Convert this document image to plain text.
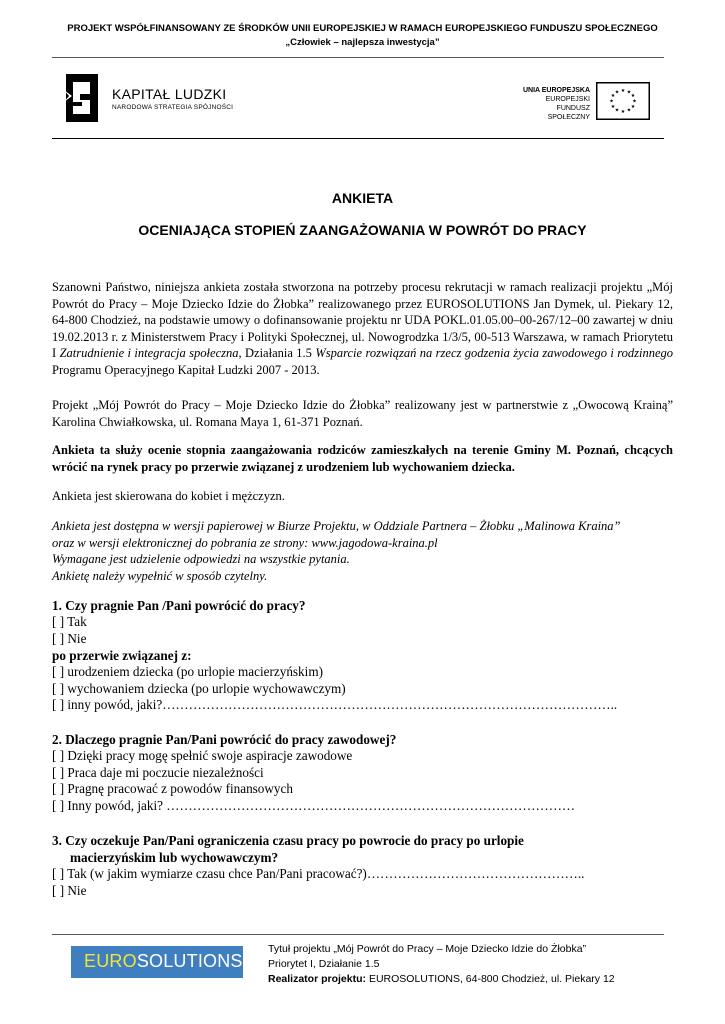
PROJEKT WSPÓŁFINANSOWANY ZE ŚRODKÓW UNII EUROPEJSKIEJ W RAMACH EUROPEJSKIEGO FUNDUSZU SPOŁECZNEGO
„Człowiek – najlepsza inwestycja”
KAPITAŁ LUDZKI
NARODOWA STRATEGIA SPÓJNOŚCI
UNIA EUROPEJSKA
EUROPEJSKI
FUNDUSZ SPOŁECZNY
★ ★
★
★
★
★
★
★
★
★
★
★
ANKIETA
OCENIAJĄCA STOPIEŃ ZAANGAŻOWANIA W POWRÓT DO PRACY
Szanowni Państwo, niniejsza ankieta została stworzona na potrzeby procesu rekrutacji w ramach realizacji projektu „Mój Powrót do Pracy – Moje Dziecko Idzie do Żłobka” realizowanego przez EUROSOLUTIONS Jan Dymek, ul. Piekary 12, 64-800 Chodzież, na podstawie umowy o dofinansowanie projektu nr UDA POKL.01.05.00–00-267/12–00 zawartej w dniu 19.02.2013 r. z Ministerstwem Pracy i Polityki Społecznej, ul. Nowogrodzka 1/3/5, 00-513 Warszawa, w ramach Priorytetu I Zatrudnienie i integracja społeczna, Działania 1.5 Wsparcie rozwiązań na rzecz godzenia życia zawodowego i rodzinnego Programu Operacyjnego Kapitał Ludzki 2007 - 2013.
Projekt „Mój Powrót do Pracy – Moje Dziecko Idzie do Żłobka” realizowany jest w partnerstwie z „Owocową Krainą” Karolina Chwiałkowska, ul. Romana Maya 1, 61-371 Poznań.
Ankieta ta służy ocenie stopnia zaangażowania rodziców zamieszkałych na terenie Gminy M. Poznań, chcących wrócić na rynek pracy po przerwie związanej z urodzeniem lub wychowaniem dziecka.
Ankieta jest skierowana do kobiet i mężczyzn.
Ankieta jest dostępna w wersji papierowej w Biurze Projektu, w Oddziale Partnera – Żłobku „Malinowa Kraina”
oraz w wersji elektronicznej do pobrania ze strony: www.jagodowa-kraina.pl
Wymagane jest udzielenie odpowiedzi na wszystkie pytania.
Ankietę należy wypełnić w sposób czytelny.
1. Czy pragnie Pan /Pani powrócić do pracy?
[ ] Tak
[ ] Nie
po przerwie związanej z:
[ ] urodzeniem dziecka (po urlopie macierzyńskim)
[ ] wychowaniem dziecka (po urlopie wychowawczym)
[ ] inny powód, jaki?…………………………………………………………………………………………..
2. Dlaczego pragnie Pan/Pani powrócić do pracy zawodowej?
[ ] Dzięki pracy mogę spełnić swoje aspiracje zawodowe
[ ] Praca daje mi poczucie niezależności
[ ] Pragnę pracować z powodów finansowych
[ ] Inny powód, jaki? …………………………………………………………………………………
3. Czy oczekuje Pan/Pani ograniczenia czasu pracy po powrocie do pracy po urlopie
macierzyńskim lub wychowawczym?
[ ] Tak (w jakim wymiarze czasu chce Pan/Pani pracować?)…………………………………………..
[ ] Nie
EUROSOLUTIONS
Tytuł projektu „Mój Powrót do Pracy – Moje Dziecko Idzie do Żłobka”
Priorytet I, Działanie 1.5
Realizator projektu: EUROSOLUTIONS, 64-800 Chodzież, ul. Piekary 12
